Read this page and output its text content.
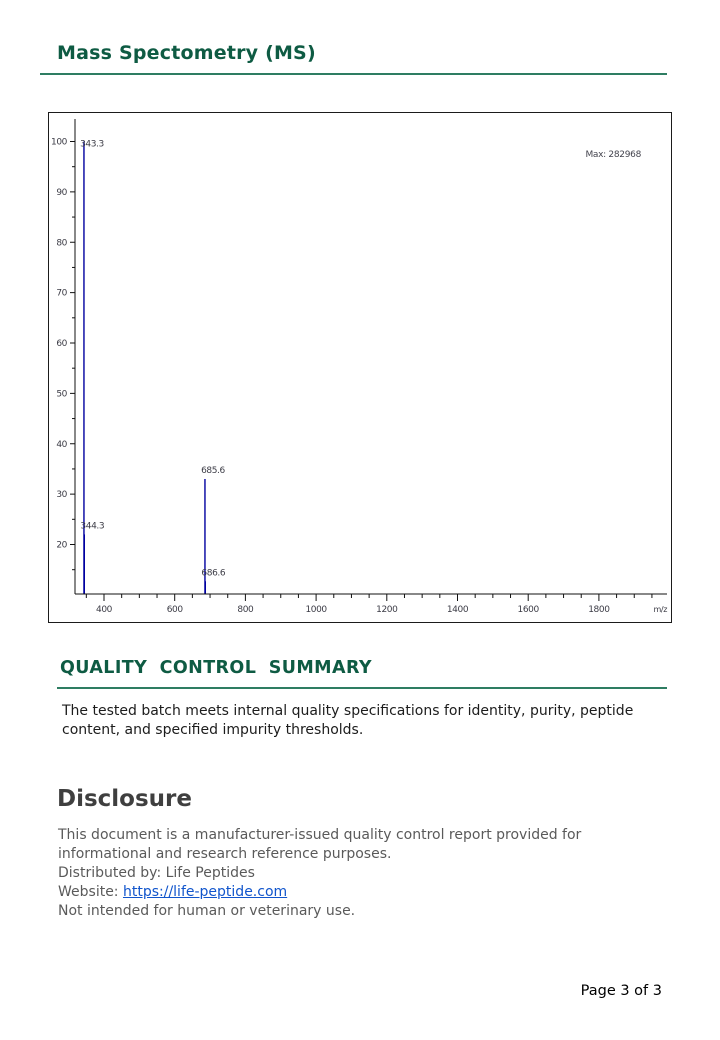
Mass Spectometry (MS)
20
30
40
50
60
70
80
90
100
400	600	800	1000	1200	1400	1600	1800	m/z
Max: 282968
343.3
344.3
685.6
686.6
QUALITY CONTROL SUMMARY
The tested batch meets internal quality specifications for identity, purity, peptide content, and specified impurity thresholds.
Disclosure
This document is a manufacturer-issued quality control report provided for informational and research reference purposes.
Distributed by: Life Peptides
Website: https://life-peptide.com
Not intended for human or veterinary use.
Page 3 of 3
